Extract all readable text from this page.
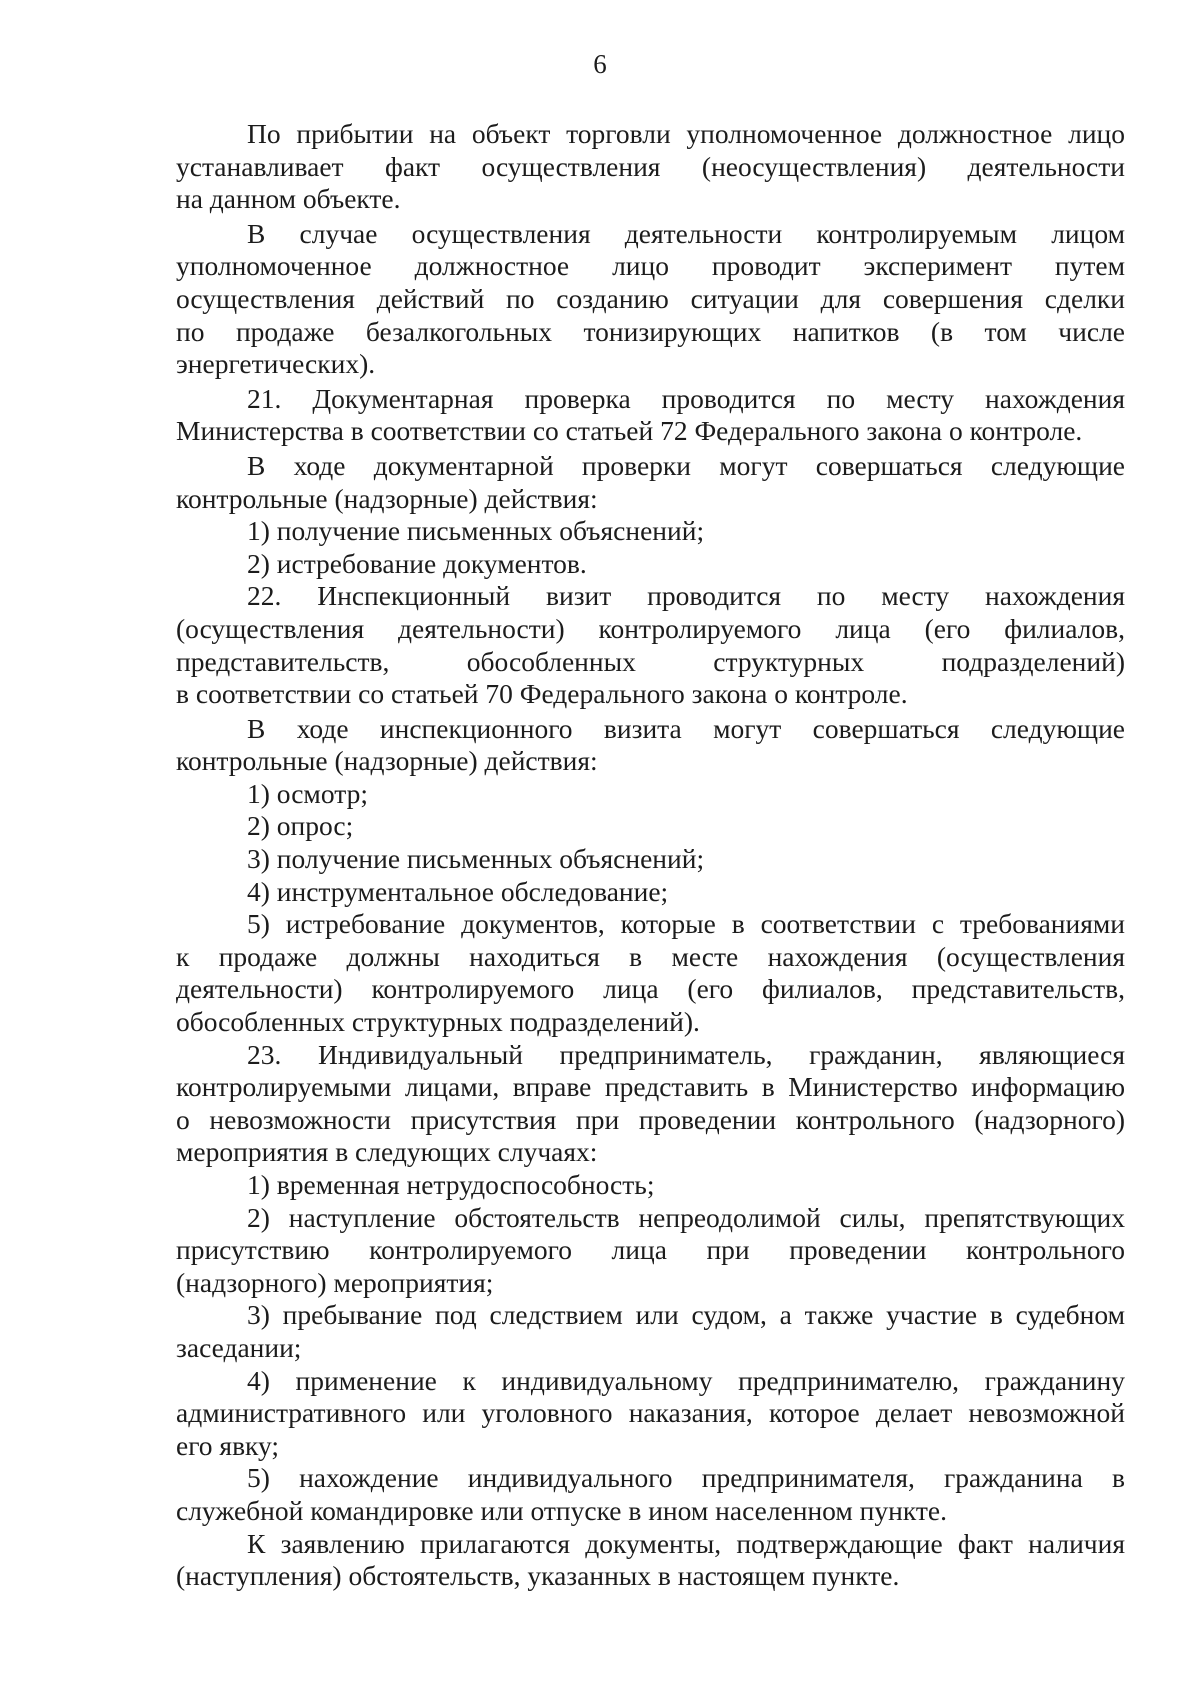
6
По прибытии на объект торговли уполномоченное должностное лицо
устанавливает факт осуществления (неосуществления) деятельности
на данном объекте.
В случае осуществления деятельности контролируемым лицом
уполномоченное должностное лицо проводит эксперимент путем
осуществления действий по созданию ситуации для совершения сделки
по продаже безалкогольных тонизирующих напитков (в том числе
энергетических).
21. Документарная проверка проводится по месту нахождения
Министерства в соответствии со статьей 72 Федерального закона о контроле.
В ходе документарной проверки могут совершаться следующие
контрольные (надзорные) действия:
1) получение письменных объяснений;
2) истребование документов.
22. Инспекционный визит проводится по месту нахождения
(осуществления деятельности) контролируемого лица (его филиалов,
представительств, обособленных структурных подразделений)
в соответствии со статьей 70 Федерального закона о контроле.
В ходе инспекционного визита могут совершаться следующие
контрольные (надзорные) действия:
1) осмотр;
2) опрос;
3) получение письменных объяснений;
4) инструментальное обследование;
5) истребование документов, которые в соответствии с требованиями
к продаже должны находиться в месте нахождения (осуществления
деятельности) контролируемого лица (его филиалов, представительств,
обособленных структурных подразделений).
23. Индивидуальный предприниматель, гражданин, являющиеся
контролируемыми лицами, вправе представить в Министерство информацию
о невозможности присутствия при проведении контрольного (надзорного)
мероприятия в следующих случаях:
1) временная нетрудоспособность;
2) наступление обстоятельств непреодолимой силы, препятствующих
присутствию контролируемого лица при проведении контрольного
(надзорного) мероприятия;
3) пребывание под следствием или судом, а также участие в судебном
заседании;
4) применение к индивидуальному предпринимателю, гражданину
административного или уголовного наказания, которое делает невозможной
его явку;
5) нахождение индивидуального предпринимателя, гражданина в
служебной командировке или отпуске в ином населенном пункте.
К заявлению прилагаются документы, подтверждающие факт наличия
(наступления) обстоятельств, указанных в настоящем пункте.
